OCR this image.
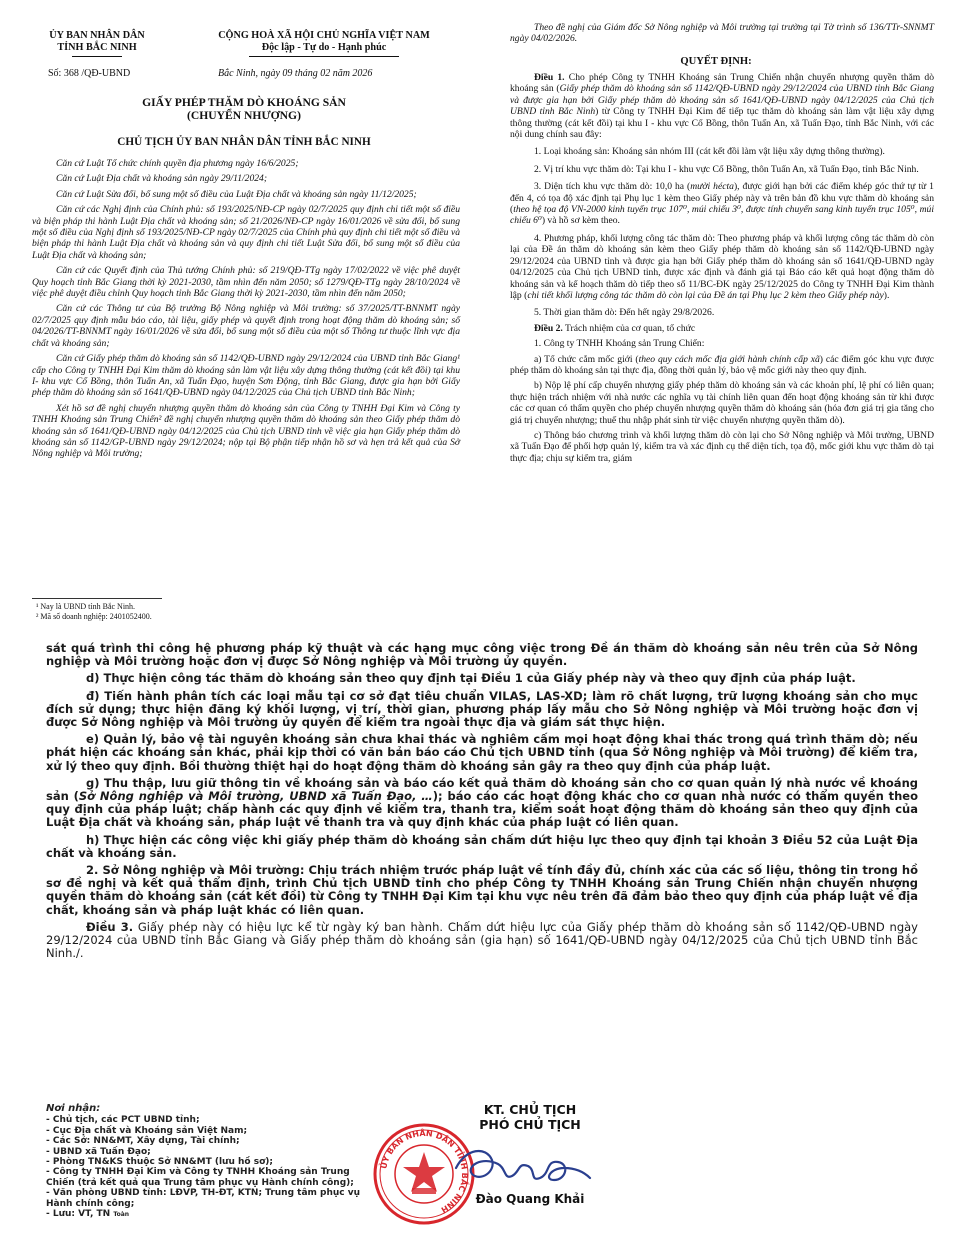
ỦY BAN NHÂN DÂN
TỈNH BẮC NINH
CỘNG HOÀ XÃ HỘI CHỦ NGHĨA VIỆT NAM
Độc lập - Tự do - Hạnh phúc
Số: 368 /QĐ-UBND	Bắc Ninh, ngày 09 tháng 02 năm 2026
GIẤY PHÉP THĂM DÒ KHOÁNG SẢN
(CHUYỂN NHƯỢNG)
CHỦ TỊCH ỦY BAN NHÂN DÂN TỈNH BẮC NINH

Căn cứ Luật Tổ chức chính quyền địa phương ngày 16/6/2025;

Căn cứ Luật Địa chất và khoáng sản ngày 29/11/2024;

Căn cứ Luật Sửa đổi, bổ sung một số điều của Luật Địa chất và khoáng sản ngày 11/12/2025;

Căn cứ các Nghị định của Chính phủ: số 193/2025/NĐ-CP ngày 02/7/2025 quy định chi tiết một số điều và biện pháp thi hành Luật Địa chất và khoáng sản; số 21/2026/NĐ-CP ngày 16/01/2026 về sửa đổi, bổ sung một số điều của Nghị định số 193/2025/NĐ-CP ngày 02/7/2025 của Chính phủ quy định chi tiết một số điều và biện pháp thi hành Luật Địa chất và khoáng sản và quy định chi tiết Luật Sửa đổi, bổ sung một số điều của Luật Địa chất và khoáng sản;

Căn cứ các Quyết định của Thủ tướng Chính phủ: số 219/QĐ-TTg ngày 17/02/2022 về việc phê duyệt Quy hoạch tỉnh Bắc Giang thời kỳ 2021-2030, tầm nhìn đến năm 2050; số 1279/QĐ-TTg ngày 28/10/2024 về việc phê duyệt điều chỉnh Quy hoạch tỉnh Bắc Giang thời kỳ 2021-2030, tầm nhìn đến năm 2050;

Căn cứ các Thông tư của Bộ trưởng Bộ Nông nghiệp và Môi trường: số 37/2025/TT-BNNMT ngày 02/7/2025 quy định mẫu báo cáo, tài liệu, giấy phép và quyết định trong hoạt động thăm dò khoáng sản; số 04/2026/TT-BNNMT ngày 16/01/2026 về sửa đổi, bổ sung một số điều của một số Thông tư thuộc lĩnh vực địa chất và khoáng sản;

Căn cứ Giấy phép thăm dò khoáng sản số 1142/QĐ-UBND ngày 29/12/2024 của UBND tỉnh Bắc Giang¹ cấp cho Công ty TNHH Đại Kim thăm dò khoáng sản làm vật liệu xây dựng thông thường (cát kết đồi) tại khu I- khu vực Cổ Bồng, thôn Tuấn An, xã Tuấn Đạo, huyện Sơn Động, tỉnh Bắc Giang, được gia hạn bởi Giấy phép thăm dò khoáng sản số 1641/QĐ-UBND ngày 04/12/2025 của Chủ tịch UBND tỉnh Bắc Ninh;

Xét hồ sơ đề nghị chuyển nhượng quyền thăm dò khoáng sản của Công ty TNHH Đại Kim và Công ty TNHH Khoáng sản Trung Chiến² đề nghị chuyển nhượng quyền thăm dò khoáng sản theo Giấy phép thăm dò khoáng sản số 1641/QĐ-UBND ngày 04/12/2025 của Chủ tịch UBND tỉnh về việc gia hạn Giấy phép thăm dò khoáng sản số 1142/GP-UBND ngày 29/12/2024; nộp tại Bộ phận tiếp nhận hồ sơ và hẹn trả kết quả của Sở Nông nghiệp và Môi trường;

¹ Nay là UBND tỉnh Bắc Ninh.
² Mã số doanh nghiệp: 2401052400.
Theo đề nghị của Giám đốc Sở Nông nghiệp và Môi trường tại trường tại Tờ trình số 136/TTr-SNNMT ngày 04/02/2026.
QUYẾT ĐỊNH:

Điều 1. Cho phép Công ty TNHH Khoáng sản Trung Chiến nhận chuyển nhượng quyền thăm dò khoáng sản (Giấy phép thăm dò khoáng sản số 1142/QĐ-UBND ngày 29/12/2024 của UBND tỉnh Bắc Giang và được gia hạn bởi Giấy phép thăm dò khoáng sản số 1641/QĐ-UBND ngày 04/12/2025 của Chủ tịch UBND tỉnh Bắc Ninh) từ Công ty TNHH Đại Kim để tiếp tục thăm dò khoáng sản làm vật liệu xây dựng thông thường (cát kết đồi) tại khu I - khu vực Cổ Bồng, thôn Tuấn An, xã Tuấn Đạo, tỉnh Bắc Ninh, với các nội dung chính sau đây:

1. Loại khoáng sản: Khoáng sản nhóm III (cát kết đồi làm vật liệu xây dựng thông thường).

2. Vị trí khu vực thăm dò: Tại khu I - khu vực Cổ Bồng, thôn Tuấn An, xã Tuấn Đạo, tỉnh Bắc Ninh.

3. Diện tích khu vực thăm dò: 10,0 ha (mười hécta), được giới hạn bởi các điểm khép góc thứ tự từ 1 đến 4, có tọa độ xác định tại Phụ lục 1 kèm theo Giấy phép này và trên bản đồ khu vực thăm dò khoáng sản (theo hệ tọa độ VN-2000 kinh tuyến trục 107⁰, múi chiếu 3⁰, được tính chuyển sang kinh tuyến trục 105⁰, múi chiếu 6⁰) và hồ sơ kèm theo.

4. Phương pháp, khối lượng công tác thăm dò: Theo phương pháp và khối lượng công tác thăm dò còn lại của Đề án thăm dò khoáng sản kèm theo Giấy phép thăm dò khoáng sản số 1142/QĐ-UBND ngày 29/12/2024 của UBND tỉnh và được gia hạn bởi Giấy phép thăm dò khoáng sản số 1641/QĐ-UBND ngày 04/12/2025 của Chủ tịch UBND tỉnh, được xác định và đánh giá tại Báo cáo kết quả hoạt động thăm dò khoáng sản và kế hoạch thăm dò tiếp theo số 11/BC-ĐK ngày 25/12/2025 do Công ty TNHH Đại Kim thành lập (chi tiết khối lượng công tác thăm dò còn lại của Đề án tại Phụ lục 2 kèm theo Giấy phép này).

5. Thời gian thăm dò: Đến hết ngày 29/8/2026.

Điều 2. Trách nhiệm của cơ quan, tổ chức

1. Công ty TNHH Khoáng sản Trung Chiến:

a) Tổ chức cắm mốc giới (theo quy cách mốc địa giới hành chính cấp xã) các điểm góc khu vực được phép thăm dò khoáng sản tại thực địa, đồng thời quản lý, bảo vệ mốc giới này theo quy định.

b) Nộp lệ phí cấp chuyển nhượng giấy phép thăm dò khoáng sản và các khoản phí, lệ phí có liên quan; thực hiện trách nhiệm với nhà nước các nghĩa vụ tài chính liên quan đến hoạt động khoáng sản từ khi được các cơ quan có thẩm quyền cho phép chuyển nhượng quyền thăm dò khoáng sản (hóa đơn giá trị gia tăng cho giá trị chuyển nhượng; thuế thu nhập phát sinh từ việc chuyển nhượng quyền thăm dò).

c) Thông báo chương trình và khối lượng thăm dò còn lại cho Sở Nông nghiệp và Môi trường, UBND xã Tuấn Đạo để phối hợp quản lý, kiểm tra và xác định cụ thể diện tích, tọa độ, mốc giới khu vực thăm dò tại thực địa; chịu sự kiểm tra, giám

sát quá trình thi công hệ phương pháp kỹ thuật và các hạng mục công việc trong Đề án thăm dò khoáng sản nêu trên của Sở Nông nghiệp và Môi trường hoặc đơn vị được Sở Nông nghiệp và Môi trường ủy quyền.

d) Thực hiện công tác thăm dò khoáng sản theo quy định tại Điều 1 của Giấy phép này và theo quy định của pháp luật.

đ) Tiến hành phân tích các loại mẫu tại cơ sở đạt tiêu chuẩn VILAS, LAS-XD; làm rõ chất lượng, trữ lượng khoáng sản cho mục đích sử dụng; thực hiện đăng ký khối lượng, vị trí, thời gian, phương pháp lấy mẫu cho Sở Nông nghiệp và Môi trường hoặc đơn vị được Sở Nông nghiệp và Môi trường ủy quyền để kiểm tra ngoài thực địa và giám sát thực hiện.

e) Quản lý, bảo vệ tài nguyên khoáng sản chưa khai thác và nghiêm cấm mọi hoạt động khai thác trong quá trình thăm dò; nếu phát hiện các khoáng sản khác, phải kịp thời có văn bản báo cáo Chủ tịch UBND tỉnh (qua Sở Nông nghiệp và Môi trường) để kiểm tra, xử lý theo quy định. Bồi thường thiệt hại do hoạt động thăm dò khoáng sản gây ra theo quy định của pháp luật.

g) Thu thập, lưu giữ thông tin về khoáng sản và báo cáo kết quả thăm dò khoáng sản cho cơ quan quản lý nhà nước về khoáng sản (Sở Nông nghiệp và Môi trường, UBND xã Tuấn Đạo, …); báo cáo các hoạt động khác cho cơ quan nhà nước có thẩm quyền theo quy định của pháp luật; chấp hành các quy định về kiểm tra, thanh tra, kiểm soát hoạt động thăm dò khoáng sản theo quy định của Luật Địa chất và khoáng sản, pháp luật về thanh tra và quy định khác của pháp luật có liên quan.

h) Thực hiện các công việc khi giấy phép thăm dò khoáng sản chấm dứt hiệu lực theo quy định tại khoản 3 Điều 52 của Luật Địa chất và khoáng sản.

2. Sở Nông nghiệp và Môi trường: Chịu trách nhiệm trước pháp luật về tính đầy đủ, chính xác của các số liệu, thông tin trong hồ sơ đề nghị và kết quả thẩm định, trình Chủ tịch UBND tỉnh cho phép Công ty TNHH Khoáng sản Trung Chiến nhận chuyển nhượng quyền thăm dò khoáng sản (cát kết đồi) từ Công ty TNHH Đại Kim tại khu vực nêu trên đã đảm bảo theo quy định của pháp luật về địa chất, khoáng sản và pháp luật khác có liên quan.

Điều 3. Giấy phép này có hiệu lực kể từ ngày ký ban hành. Chấm dứt hiệu lực của Giấy phép thăm dò khoáng sản số 1142/QĐ-UBND ngày 29/12/2024 của UBND tỉnh Bắc Giang và Giấy phép thăm dò khoáng sản (gia hạn) số 1641/QĐ-UBND ngày 04/12/2025 của Chủ tịch UBND tỉnh Bắc Ninh./.

Nơi nhận:
- Chủ tịch, các PCT UBND tỉnh;
- Cục Địa chất và Khoáng sản Việt Nam;
- Các Sở: NN&MT, Xây dựng, Tài chính;
- UBND xã Tuấn Đạo;
- Phòng TN&KS thuộc Sở NN&MT (lưu hồ sơ);
- Công ty TNHH Đại Kim và Công ty TNHH Khoáng sản Trung Chiến (trả kết quả qua Trung tâm phục vụ Hành chính công);
- Văn phòng UBND tỉnh: LĐVP, TH-ĐT, KTN; Trung tâm phục vụ Hành chính công;
- Lưu: VT, TN Toàn
KT. CHỦ TỊCH
PHÓ CHỦ TỊCH
ỦY BAN NHÂN DÂN TỈNH BẮC NINH
Đào Quang Khải
